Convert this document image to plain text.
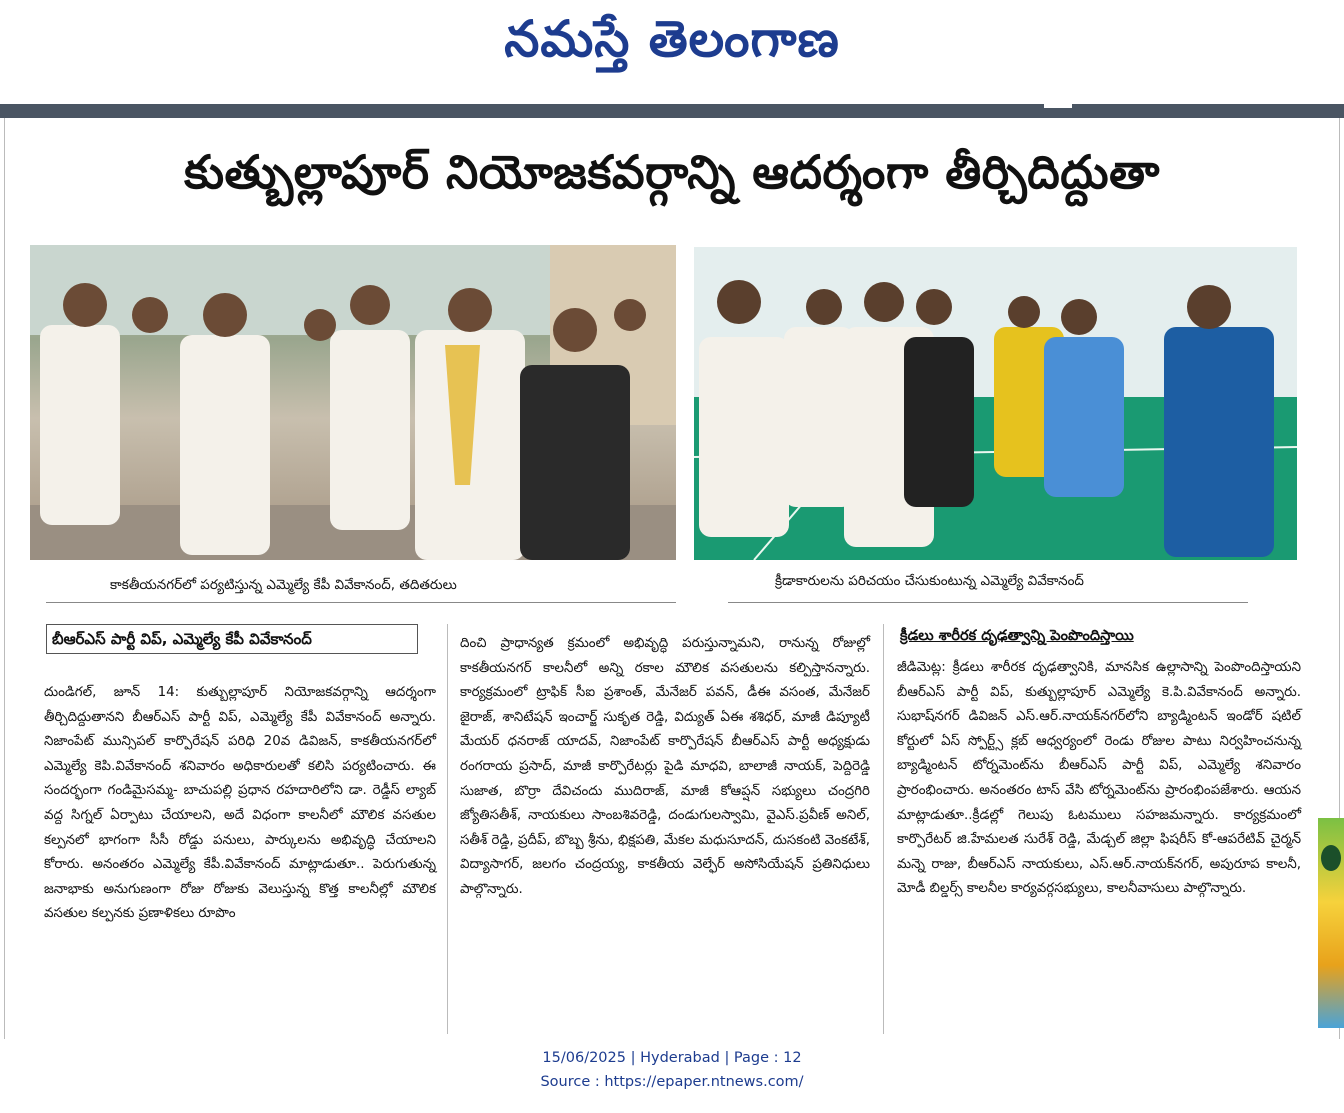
నమస్తే తెలంగాణ
కుత్బుల్లాపూర్ నియోజకవర్గాన్ని ఆదర్శంగా తీర్చిదిద్దుతా
కాకతీయనగర్‌లో పర్యటిస్తున్న ఎమ్మెల్యే కేపీ వివేకానంద్, తదితరులు	క్రీడాకారులను పరిచయం చేసుకుంటున్న ఎమ్మెల్యే వివేకానంద్
బీఆర్‌ఎస్ పార్టీ విప్, ఎమ్మెల్యే కేపీ వివేకానంద్

దుండిగల్, జూన్ 14: కుత్బుల్లాపూర్ నియోజకవర్గాన్ని ఆదర్శంగా తీర్చిదిద్దుతానని బీఆర్‌ఎస్ పార్టీ విప్, ఎమ్మెల్యే కేపీ వివేకానంద్ అన్నారు. నిజాంపేట్ మున్సిపల్ కార్పొరేషన్ పరిధి 20వ డివిజన్, కాకతీయనగర్‌లో ఎమ్మెల్యే కెపి.వివేకానంద్ శనివారం అధికారులతో కలిసి పర్యటించారు. ఈ సందర్భంగా గండిమైసమ్మ- బాచుపల్లి ప్రధాన రహదారిలోని డా. రెడ్డీస్ ల్యాబ్ వద్ద సిగ్నల్ ఏర్పాటు చేయాలని, అదే విధంగా కాలనీలో మౌలిక వసతుల కల్పనలో భాగంగా సీసీ రోడ్డు పనులు, పార్కులను అభివృద్ధి చేయాలని కోరారు. అనంతరం ఎమ్మెల్యే కేపీ.వివేకానంద్ మాట్లాడుతూ.. పెరుగుతున్న జనాభాకు అనుగుణంగా రోజు రోజుకు వెలుస్తున్న కొత్త కాలనీల్లో మౌలిక వసతుల కల్పనకు ప్రణాళికలు రూపొం

దించి ప్రాధాన్యత క్రమంలో అభివృద్ధి పరుస్తున్నామని, రానున్న రోజుల్లో కాకతీయనగర్ కాలనీలో అన్ని రకాల మౌలిక వసతులను కల్పిస్తానన్నారు. కార్యక్రమంలో ట్రాఫిక్ సీఐ ప్రశాంత్, మేనేజర్ పవన్, డీఈ వసంత, మేనేజర్ జైరాజ్, శానిటేషన్ ఇంచార్జ్ సుకృత రెడ్డి, విద్యుత్ ఏఈ శశిధర్, మాజీ డిప్యూటీ మేయర్ ధనరాజ్ యాదవ్, నిజాంపేట్ కార్పొరేషన్ బీఆర్‌ఎస్ పార్టీ అధ్యక్షుడు రంగరాయ ప్రసాద్, మాజీ కార్పొరేటర్లు పైడి మాధవి, బాలాజీ నాయక్, పెద్దిరెడ్డి సుజాత, బొర్రా దేవిచందు ముదిరాజ్, మాజీ కోఆప్షన్ సభ్యులు చంద్రగిరి జ్యోతిసతీశ్, నాయకులు సాంబశివరెడ్డి, దండుగులస్వామి, వైఎస్.ప్రవీణ్ అనిల్, సతీశ్ రెడ్డి, ప్రదీప్, బొబ్బ శ్రీను, భిక్షపతి, మేకల మధుసూదన్, దుసకంటి వెంకటేశ్, విద్యాసాగర్, జలగం చంద్రయ్య, కాకతీయ వెల్ఫేర్ అసోసియేషన్ ప్రతినిధులు పాల్గొన్నారు.

క్రీడలు శారీరక దృఢత్వాన్ని పెంపొందిస్తాయి

జీడిమెట్ల: క్రీడలు శారీరక దృఢత్వానికి, మానసిక ఉల్లాసాన్ని పెంపొందిస్తాయని బీఆర్‌ఎస్ పార్టీ విప్, కుత్బుల్లాపూర్ ఎమ్మెల్యే కె.పి.వివేకానంద్ అన్నారు. సుభాష్‌నగర్ డివిజన్ ఎస్.ఆర్.నాయక్‌నగర్‌లోని బ్యాడ్మింటన్ ఇండోర్ షటిల్ కోర్టులో ఏస్ స్పోర్ట్స్ క్లబ్ ఆధ్వర్యంలో రెండు రోజుల పాటు నిర్వహించనున్న బ్యాడ్మింటన్ టోర్నమెంట్‌ను బీఆర్‌ఎస్ పార్టీ విప్, ఎమ్మెల్యే శనివారం ప్రారంభించారు. అనంతరం టాస్ వేసి టోర్నమెంట్‌ను ప్రారంభింపజేశారు. ఆయన మాట్లాడుతూ..క్రీడల్లో గెలుపు ఓటములు సహజమన్నారు. కార్యక్రమంలో కార్పొరేటర్ జి.హేమలత సురేశ్ రెడ్డి, మేడ్చల్ జిల్లా ఫిషరీస్ కో-ఆపరేటివ్ చైర్మన్ మన్నె రాజు, బీఆర్‌ఎస్ నాయకులు, ఎస్.ఆర్.నాయక్‌నగర్, అపురూప కాలనీ, మోడీ బిల్డర్స్ కాలనీల కార్యవర్గసభ్యులు, కాలనీవాసులు పాల్గొన్నారు.

15/06/2025 | Hyderabad | Page : 12
Source : https://epaper.ntnews.com/
